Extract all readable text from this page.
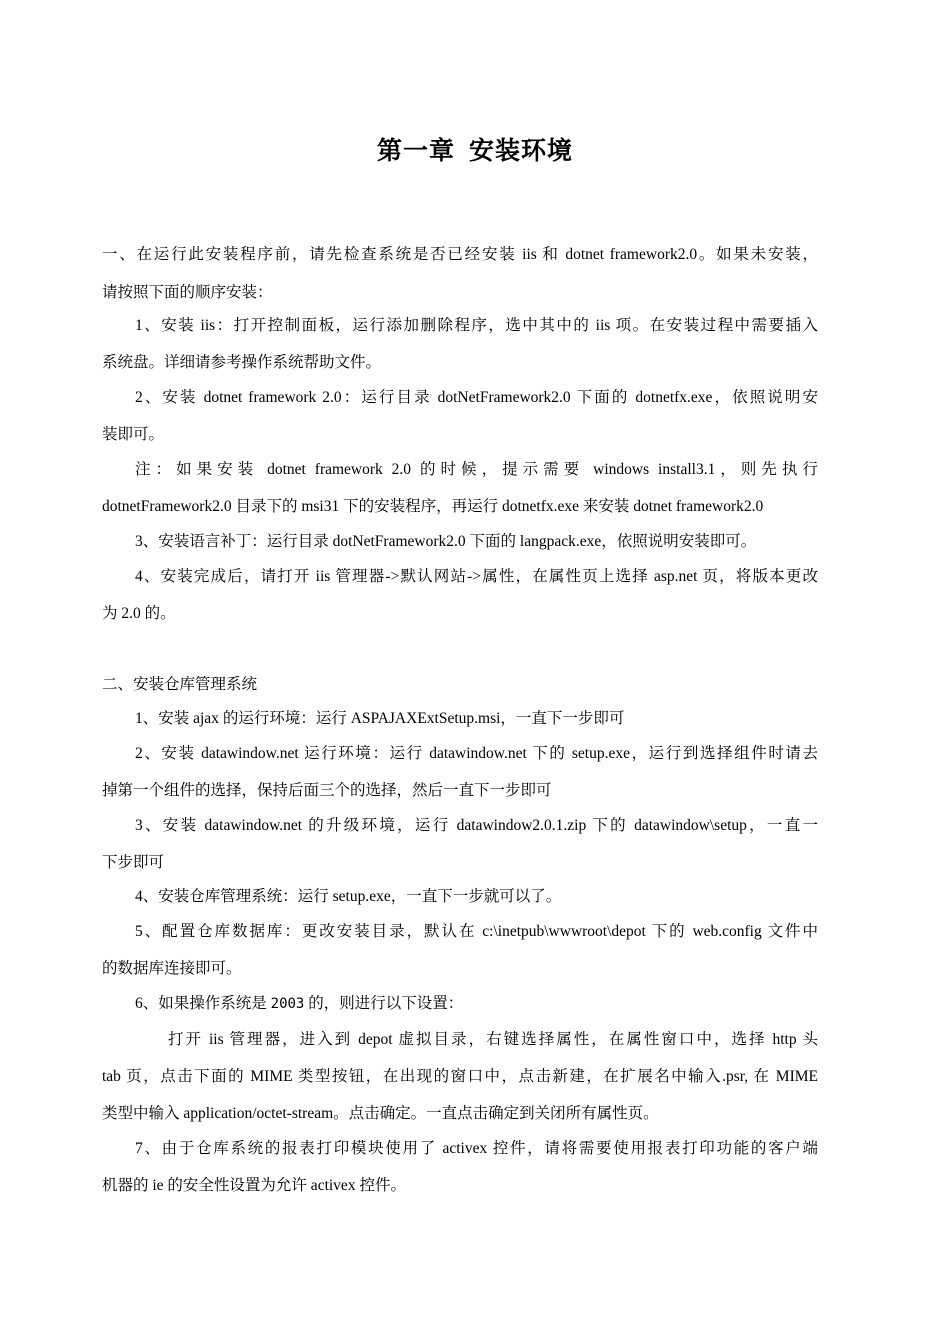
第一章 安装环境
一、在运行此安装程序前，请先检查系统是否已经安装 iis 和 dotnet framework2.0。如果未安装，
请按照下面的顺序安装：
1、安装 iis：打开控制面板，运行添加删除程序，选中其中的 iis 项。在安装过程中需要插入
系统盘。详细请参考操作系统帮助文件。
2、安装 dotnet framework 2.0：运行目录 dotNetFramework2.0 下面的 dotnetfx.exe，依照说明安
装即可。
注：如果安装 dotnet framework 2.0 的时候，提示需要 windows install3.1，则先执行
dotnetFramework2.0 目录下的 msi31 下的安装程序，再运行 dotnetfx.exe 来安装 dotnet framework2.0
3、安装语言补丁：运行目录 dotNetFramework2.0 下面的 langpack.exe，依照说明安装即可。
4、安装完成后，请打开 iis 管理器->默认网站->属性，在属性页上选择 asp.net 页，将版本更改
为 2.0 的。
二、安装仓库管理系统
1、安装 ajax 的运行环境：运行 ASPAJAXExtSetup.msi，一直下一步即可
2、安装 datawindow.net 运行环境：运行 datawindow.net 下的 setup.exe，运行到选择组件时请去
掉第一个组件的选择，保持后面三个的选择，然后一直下一步即可
3、安装 datawindow.net 的升级环境，运行 datawindow2.0.1.zip 下的 datawindow\setup，一直一
下步即可
4、安装仓库管理系统：运行 setup.exe，一直下一步就可以了。
5、配置仓库数据库：更改安装目录，默认在 c:\inetpub\wwwroot\depot 下的 web.config 文件中
的数据库连接即可。
6、如果操作系统是 2003 的，则进行以下设置：
打开 iis 管理器，进入到 depot 虚拟目录，右键选择属性，在属性窗口中，选择 http 头
tab 页，点击下面的 MIME 类型按钮，在出现的窗口中，点击新建，在扩展名中输入.psr, 在 MIME
类型中输入 application/octet-stream。点击确定。一直点击确定到关闭所有属性页。
7、由于仓库系统的报表打印模块使用了 activex 控件，请将需要使用报表打印功能的客户端
机器的 ie 的安全性设置为允许 activex 控件。
